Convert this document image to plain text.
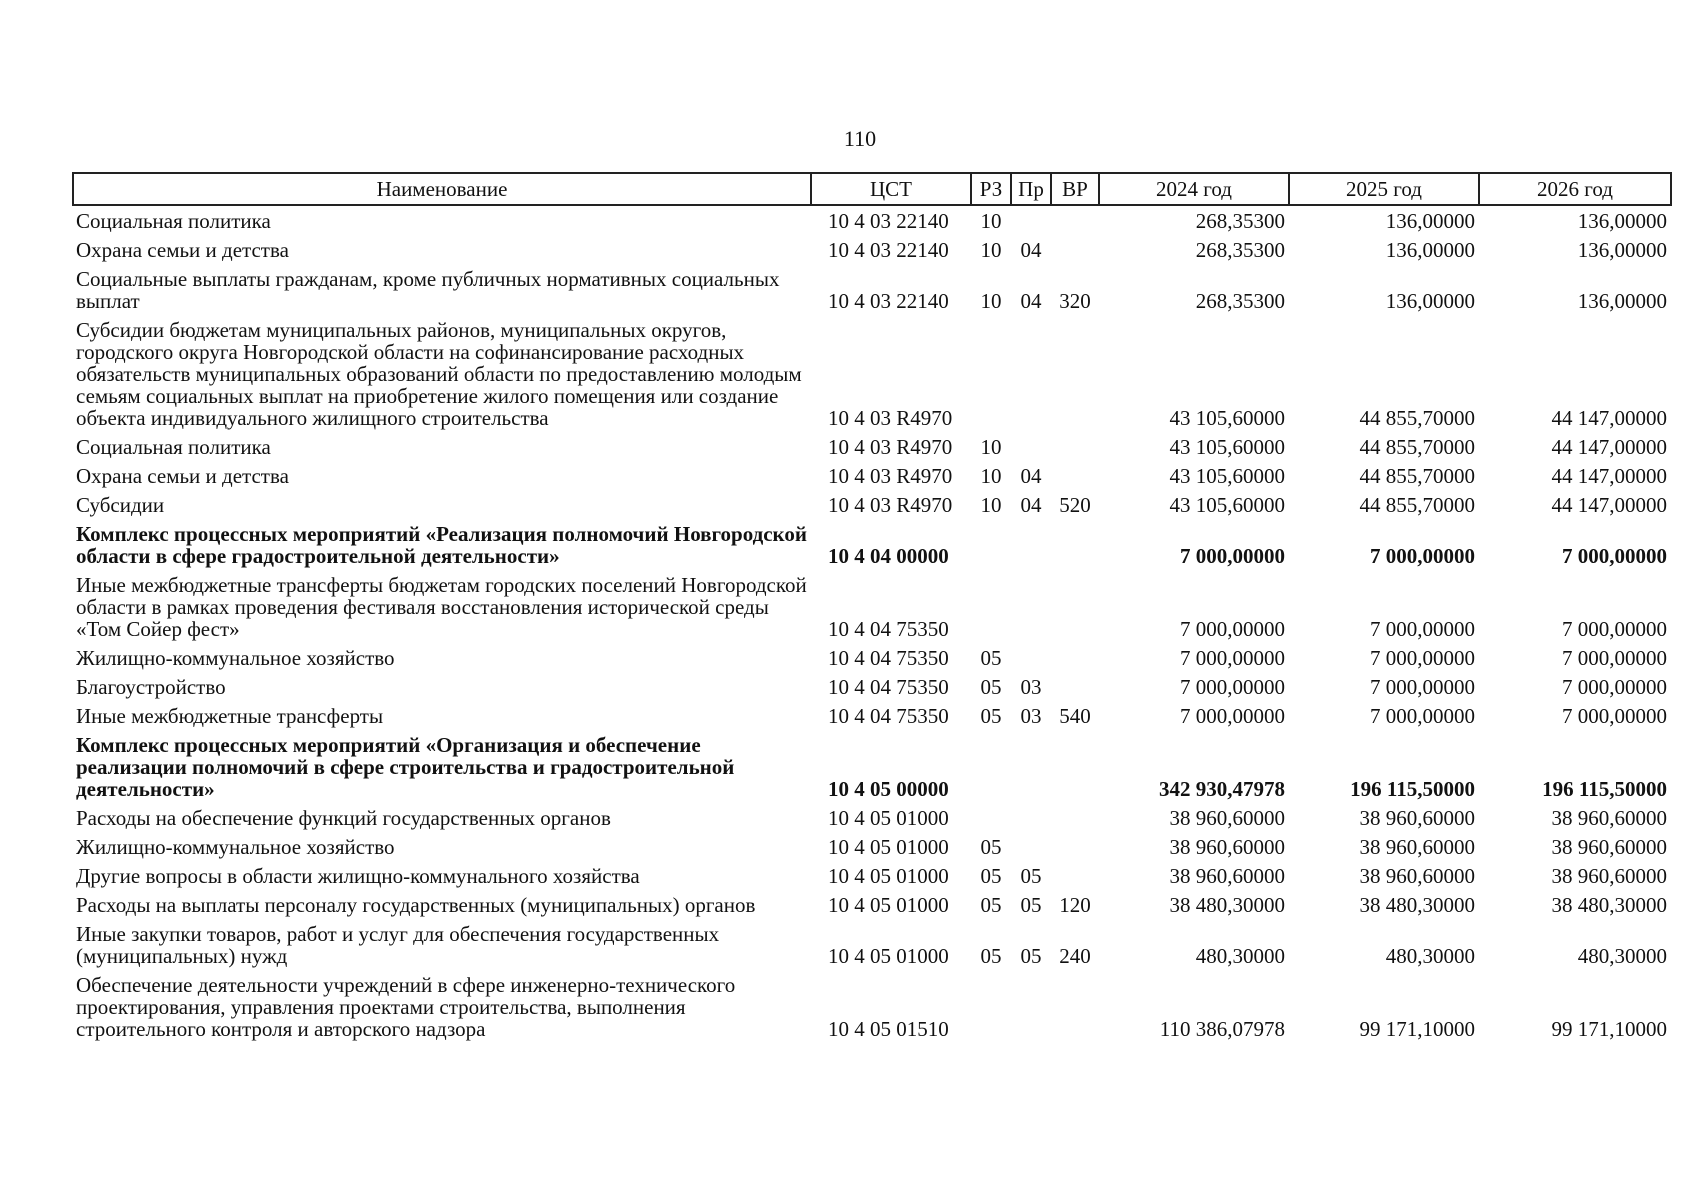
110
Наименование	ЦСТ	РЗ	Пр	ВР	2024 год	2025 год	2026 год
Социальная политика	10 4 03 22140	10			268,35300	136,00000	136,00000
Охрана семьи и детства	10 4 03 22140	10	04		268,35300	136,00000	136,00000
Социальные выплаты гражданам, кроме публичных нормативных социальных выплат	10 4 03 22140	10	04	320	268,35300	136,00000	136,00000
Субсидии бюджетам муниципальных районов, муниципальных округов, городского округа Новгородской области на софинансирование расходных обязательств муниципальных образований области по предоставлению молодым семьям социальных выплат на приобретение жилого помещения или создание объекта индивидуального жилищного строительства	10 4 03 R4970				43 105,60000	44 855,70000	44 147,00000
Социальная политика	10 4 03 R4970	10			43 105,60000	44 855,70000	44 147,00000
Охрана семьи и детства	10 4 03 R4970	10	04		43 105,60000	44 855,70000	44 147,00000
Субсидии	10 4 03 R4970	10	04	520	43 105,60000	44 855,70000	44 147,00000
Комплекс процессных мероприятий «Реализация полномочий Новгородской области в сфере градостроительной деятельности»	10 4 04 00000				7 000,00000	7 000,00000	7 000,00000
Иные межбюджетные трансферты бюджетам городских поселений Новгородской области в рамках проведения фестиваля восстановления исторической среды «Том Сойер фест»	10 4 04 75350				7 000,00000	7 000,00000	7 000,00000
Жилищно-коммунальное хозяйство	10 4 04 75350	05			7 000,00000	7 000,00000	7 000,00000
Благоустройство	10 4 04 75350	05	03		7 000,00000	7 000,00000	7 000,00000
Иные межбюджетные трансферты	10 4 04 75350	05	03	540	7 000,00000	7 000,00000	7 000,00000
Комплекс процессных мероприятий «Организация и обеспечение реализации полномочий в сфере строительства и градостроительной деятельности»	10 4 05 00000				342 930,47978	196 115,50000	196 115,50000
Расходы на обеспечение функций государственных органов	10 4 05 01000				38 960,60000	38 960,60000	38 960,60000
Жилищно-коммунальное хозяйство	10 4 05 01000	05			38 960,60000	38 960,60000	38 960,60000
Другие вопросы в области жилищно-коммунального хозяйства	10 4 05 01000	05	05		38 960,60000	38 960,60000	38 960,60000
Расходы на выплаты персоналу государственных (муниципальных) органов	10 4 05 01000	05	05	120	38 480,30000	38 480,30000	38 480,30000
Иные закупки товаров, работ и услуг для обеспечения государственных (муниципальных) нужд	10 4 05 01000	05	05	240	480,30000	480,30000	480,30000
Обеспечение деятельности учреждений в сфере инженерно-технического проектирования, управления проектами строительства, выполнения строительного контроля и авторского надзора	10 4 05 01510				110 386,07978	99 171,10000	99 171,10000
